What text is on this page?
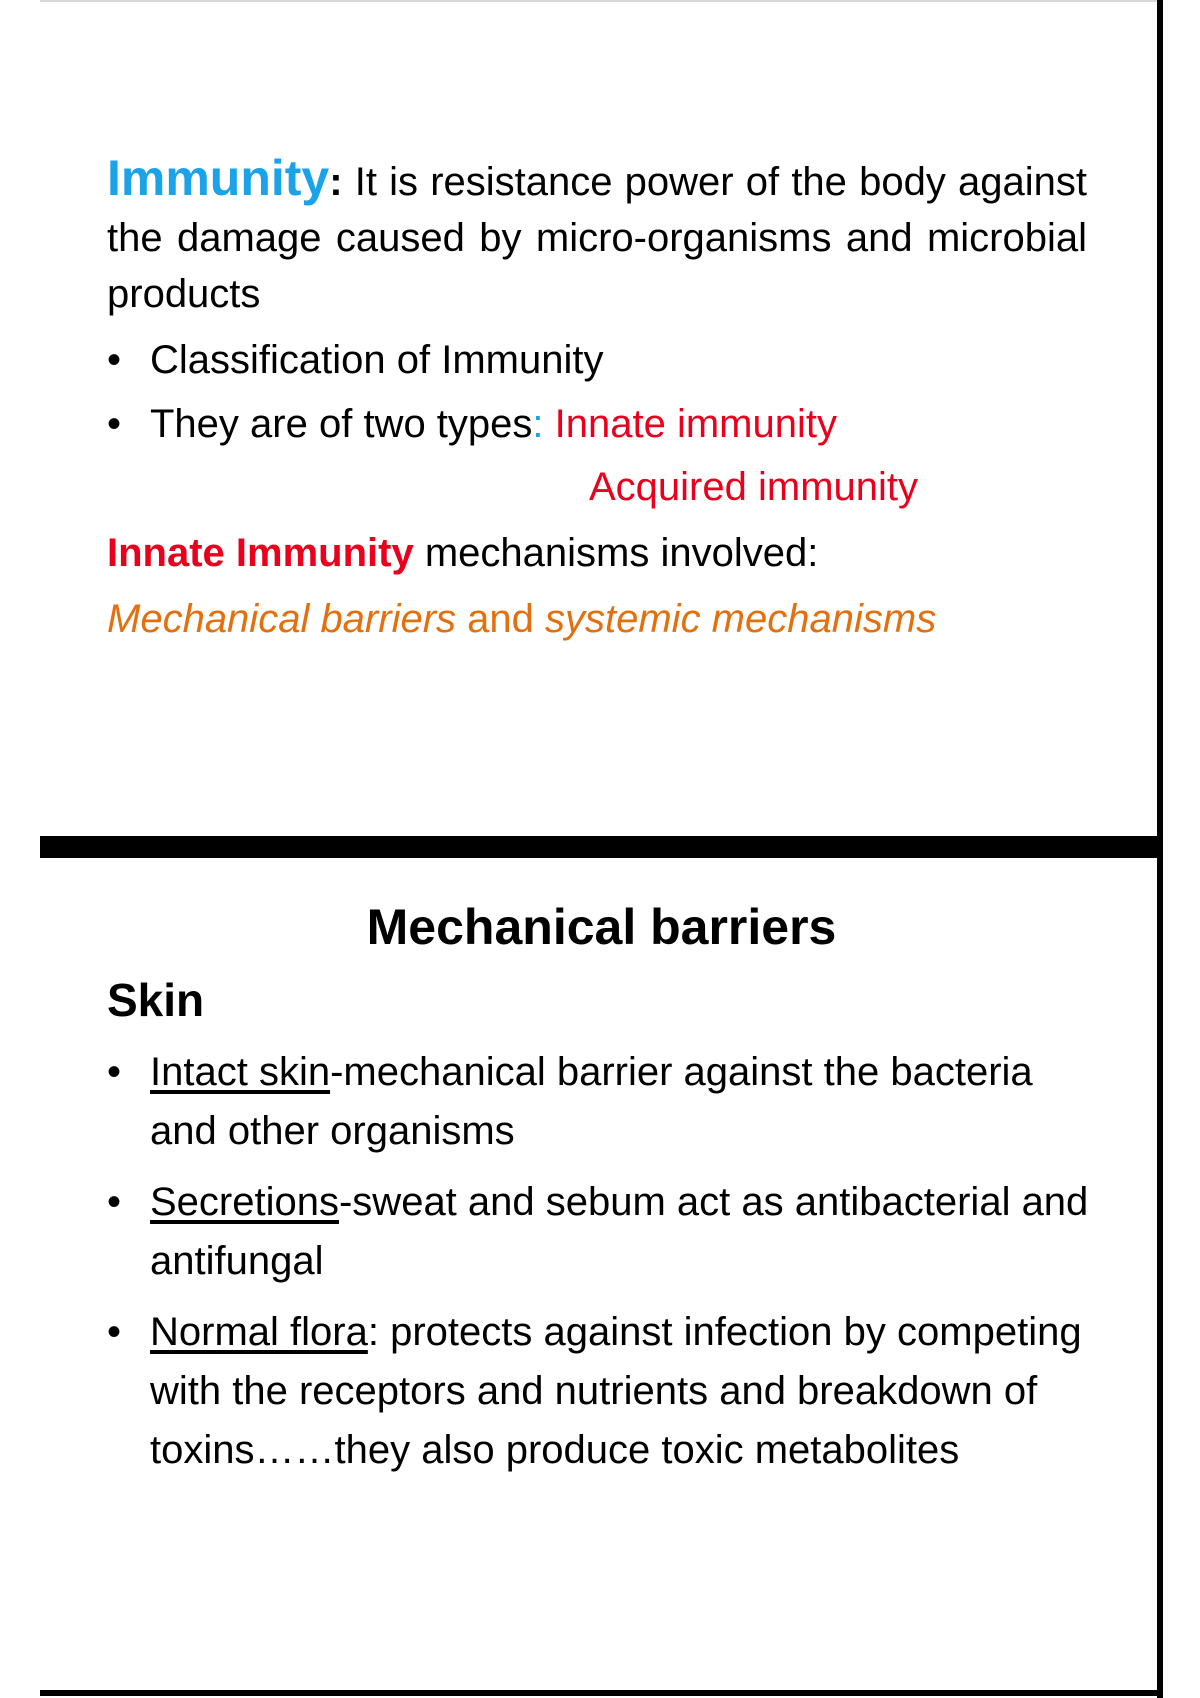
Immunity: It is resistance power of the body against the damage caused by micro-organisms and microbial products
• Classification of Immunity
• They are of two types: Innate immunity
Acquired immunity
Innate Immunity mechanisms involved:
Mechanical barriers and systemic mechanisms
Mechanical barriers
Skin
• Intact skin-mechanical barrier against the bacteria and other organisms
• Secretions-sweat and sebum act as antibacterial and antifungal
• Normal flora: protects against infection by competing with the receptors and nutrients and breakdown of toxins……they also produce toxic metabolites
